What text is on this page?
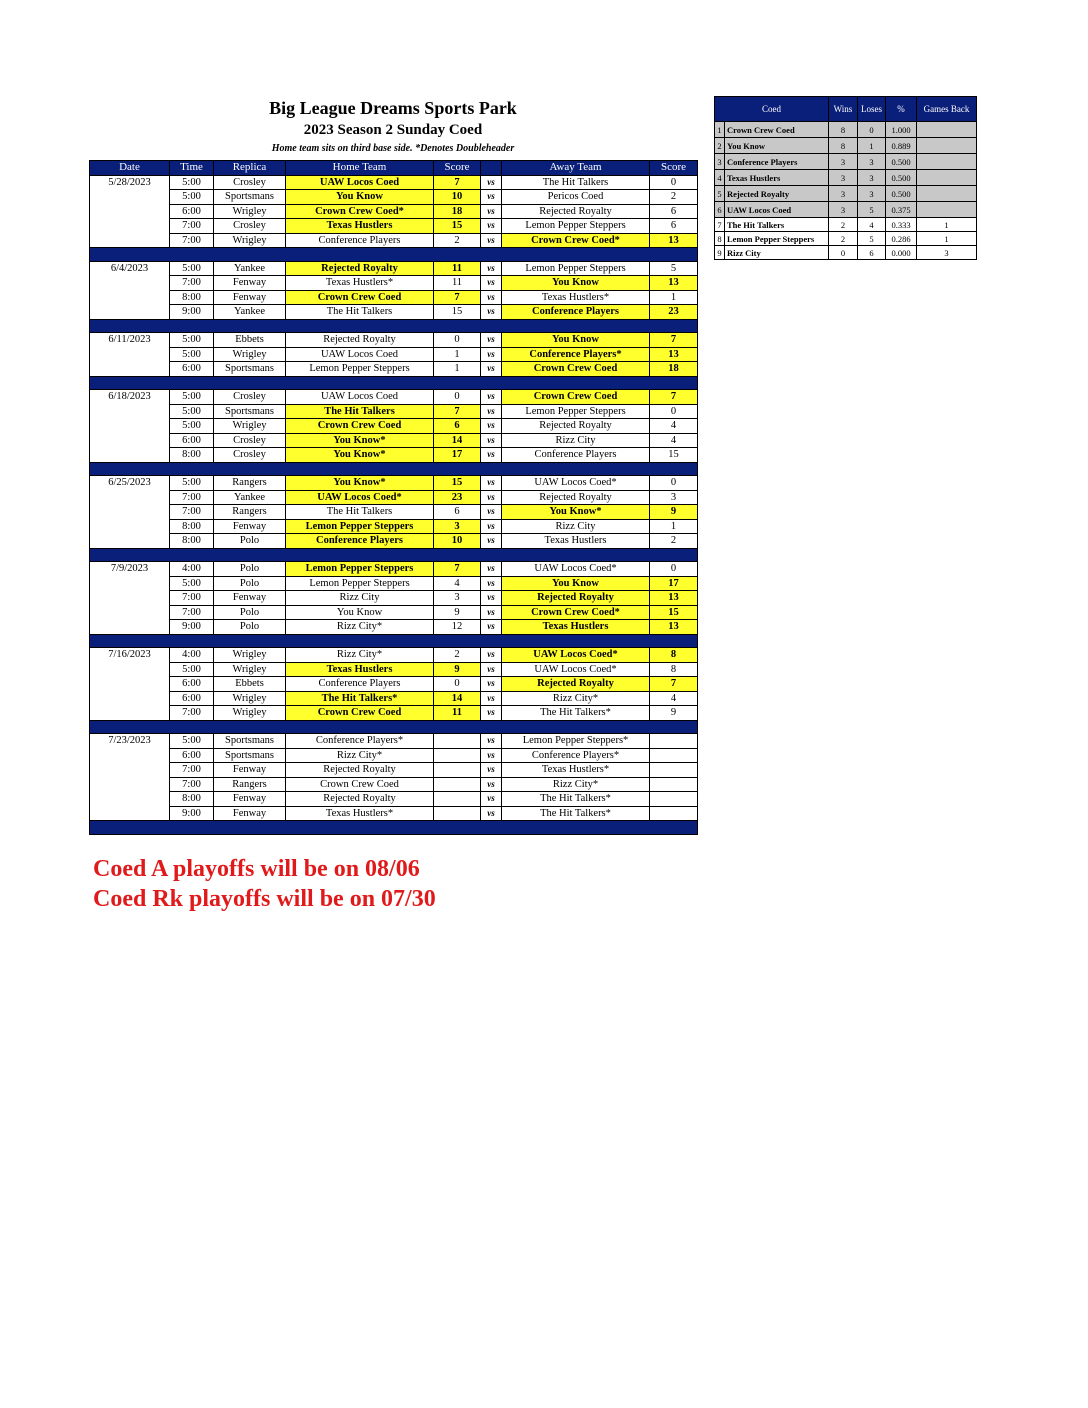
Big League Dreams Sports Park
2023 Season 2 Sunday Coed
Home team sits on third base side. *Denotes Doubleheader
Date	Time	Replica	Home Team	Score		Away Team	Score
5/28/2023	5:00	Crosley	UAW Locos Coed	7	vs	The Hit Talkers	0
	5:00	Sportsmans	You Know	10	vs	Pericos Coed	2
	6:00	Wrigley	Crown Crew Coed*	18	vs	Rejected Royalty	6
	7:00	Crosley	Texas Hustlers	15	vs	Lemon Pepper Steppers	6
	7:00	Wrigley	Conference Players	2	vs	Crown Crew Coed*	13

6/4/2023	5:00	Yankee	Rejected Royalty	11	vs	Lemon Pepper Steppers	5
	7:00	Fenway	Texas Hustlers*	11	vs	You Know	13
	8:00	Fenway	Crown Crew Coed	7	vs	Texas Hustlers*	1
	9:00	Yankee	The Hit Talkers	15	vs	Conference Players	23

6/11/2023	5:00	Ebbets	Rejected Royalty	0	vs	You Know	7
	5:00	Wrigley	UAW Locos Coed	1	vs	Conference Players*	13
	6:00	Sportsmans	Lemon Pepper Steppers	1	vs	Crown Crew Coed	18

6/18/2023	5:00	Crosley	UAW Locos Coed	0	vs	Crown Crew Coed	7
	5:00	Sportsmans	The Hit Talkers	7	vs	Lemon Pepper Steppers	0
	5:00	Wrigley	Crown Crew Coed	6	vs	Rejected Royalty	4
	6:00	Crosley	You Know*	14	vs	Rizz City	4
	8:00	Crosley	You Know*	17	vs	Conference Players	15

6/25/2023	5:00	Rangers	You Know*	15	vs	UAW Locos Coed*	0
	7:00	Yankee	UAW Locos Coed*	23	vs	Rejected Royalty	3
	7:00	Rangers	The Hit Talkers	6	vs	You Know*	9
	8:00	Fenway	Lemon Pepper Steppers	3	vs	Rizz City	1
	8:00	Polo	Conference Players	10	vs	Texas Hustlers	2

7/9/2023	4:00	Polo	Lemon Pepper Steppers	7	vs	UAW Locos Coed*	0
	5:00	Polo	Lemon Pepper Steppers	4	vs	You Know	17
	7:00	Fenway	Rizz City	3	vs	Rejected Royalty	13
	7:00	Polo	You Know	9	vs	Crown Crew Coed*	15
	9:00	Polo	Rizz City*	12	vs	Texas Hustlers	13

7/16/2023	4:00	Wrigley	Rizz City*	2	vs	UAW Locos Coed*	8
	5:00	Wrigley	Texas Hustlers	9	vs	UAW Locos Coed*	8
	6:00	Ebbets	Conference Players	0	vs	Rejected Royalty	7
	6:00	Wrigley	The Hit Talkers*	14	vs	Rizz City*	4
	7:00	Wrigley	Crown Crew Coed	11	vs	The Hit Talkers*	9

7/23/2023	5:00	Sportsmans	Conference Players*		vs	Lemon Pepper Steppers*	
	6:00	Sportsmans	Rizz City*		vs	Conference Players*	
	7:00	Fenway	Rejected Royalty		vs	Texas Hustlers*	
	7:00	Rangers	Crown Crew Coed		vs	Rizz City*	
	8:00	Fenway	Rejected Royalty		vs	The Hit Talkers*	
	9:00	Fenway	Texas Hustlers*		vs	The Hit Talkers*	

Coed		Wins	Loses	%	Games Back
1	Crown Crew Coed	8	0	1.000	
2	You Know	8	1	0.889	
3	Conference Players	3	3	0.500	
4	Texas Hustlers	3	3	0.500	
5	Rejected Royalty	3	3	0.500	
6	UAW Locos Coed	3	5	0.375	
7	The Hit Talkers	2	4	0.333	1
8	Lemon Pepper Steppers	2	5	0.286	1
9	Rizz City	0	6	0.000	3
Coed A playoffs will be on 08/06
Coed Rk playoffs will be on 07/30
